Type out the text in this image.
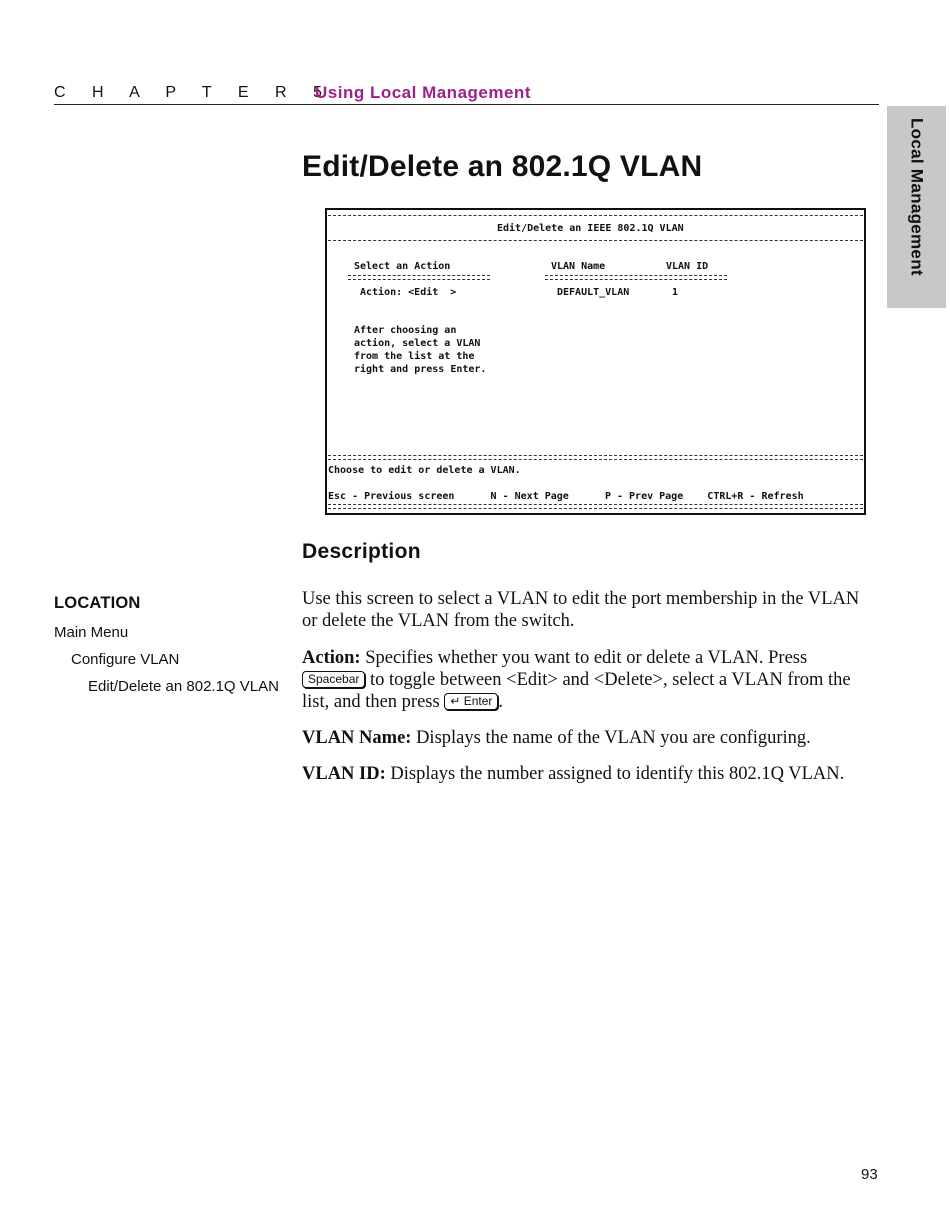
C H A P T E R 5
Using Local Management
Local Management
Edit/Delete an 802.1Q VLAN
Edit/Delete an IEEE 802.1Q VLAN
Select an Action	VLAN Name	VLAN ID
Action: <Edit  >	DEFAULT_VLAN	1
After choosing an
action, select a VLAN
from the list at the
right and press Enter.
Choose to edit or delete a VLAN.
Esc - Previous screen      N - Next Page      P - Prev Page    CTRL+R - Refresh
Description

Use this screen to select a VLAN to edit the port membership in the VLAN or delete the VLAN from the switch.

Action: Specifies whether you want to edit or delete a VLAN. Press Spacebar to toggle between <Edit> and <Delete>, select a VLAN from the list, and then press ↵ Enter .

VLAN Name: Displays the name of the VLAN you are configuring.

VLAN ID: Displays the number assigned to identify this 802.1Q VLAN.

LOCATION
Main Menu
Configure VLAN
Edit/Delete an 802.1Q VLAN
93
